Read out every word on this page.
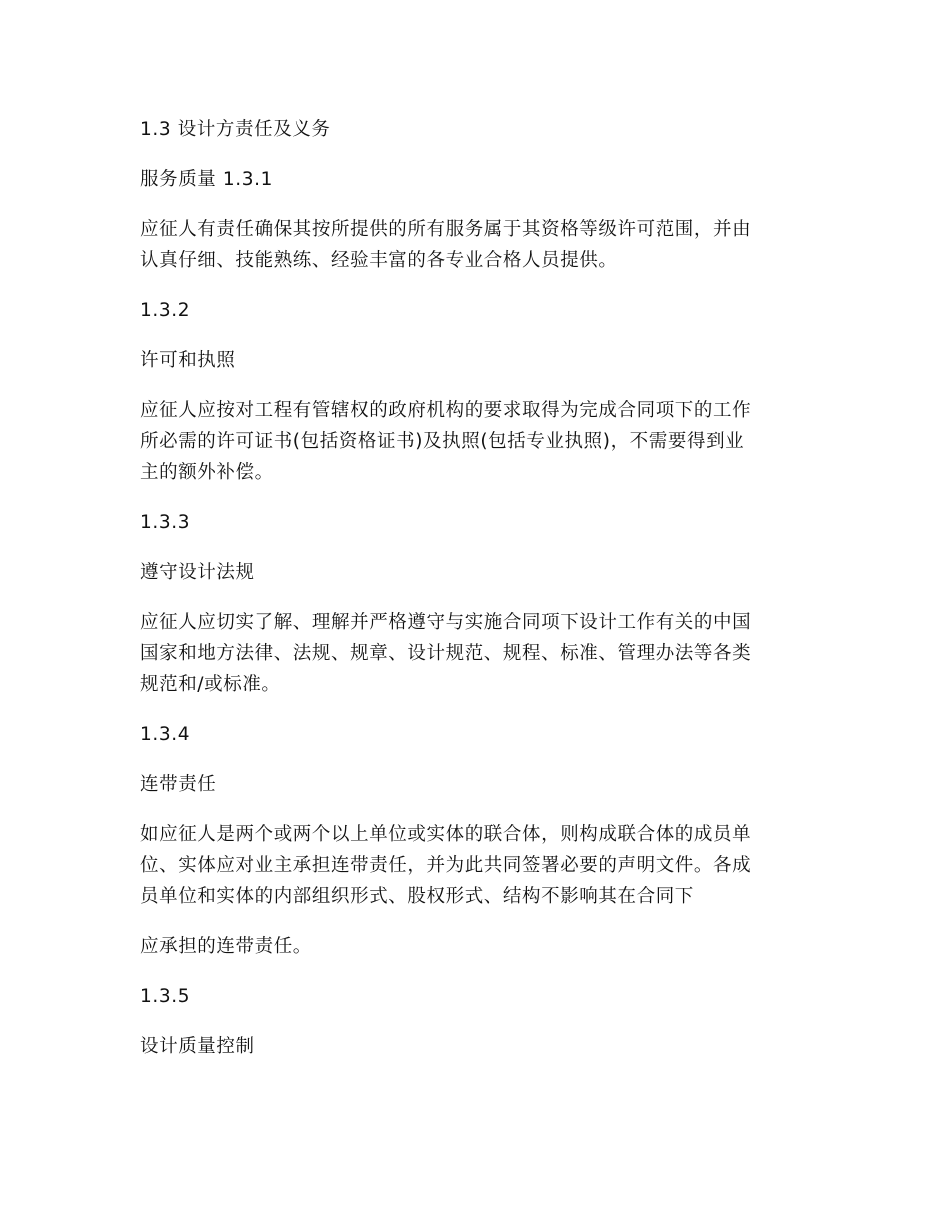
1.3 设计方责任及义务

服务质量 1.3.1

应征人有责任确保其按所提供的所有服务属于其资格等级许可范围，并由

认真仔细、技能熟练、经验丰富的各专业合格人员提供。

1.3.2

许可和执照

应征人应按对工程有管辖权的政府机构的要求取得为完成合同项下的工作

所必需的许可证书(包括资格证书)及执照(包括专业执照)，不需要得到业

主的额外补偿。

1.3.3

遵守设计法规

应征人应切实了解、理解并严格遵守与实施合同项下设计工作有关的中国

国家和地方法律、法规、规章、设计规范、规程、标准、管理办法等各类

规范和/或标准。

1.3.4

连带责任

如应征人是两个或两个以上单位或实体的联合体，则构成联合体的成员单

位、实体应对业主承担连带责任，并为此共同签署必要的声明文件。各成

员单位和实体的内部组织形式、股权形式、结构不影响其在合同下

应承担的连带责任。

1.3.5

设计质量控制
